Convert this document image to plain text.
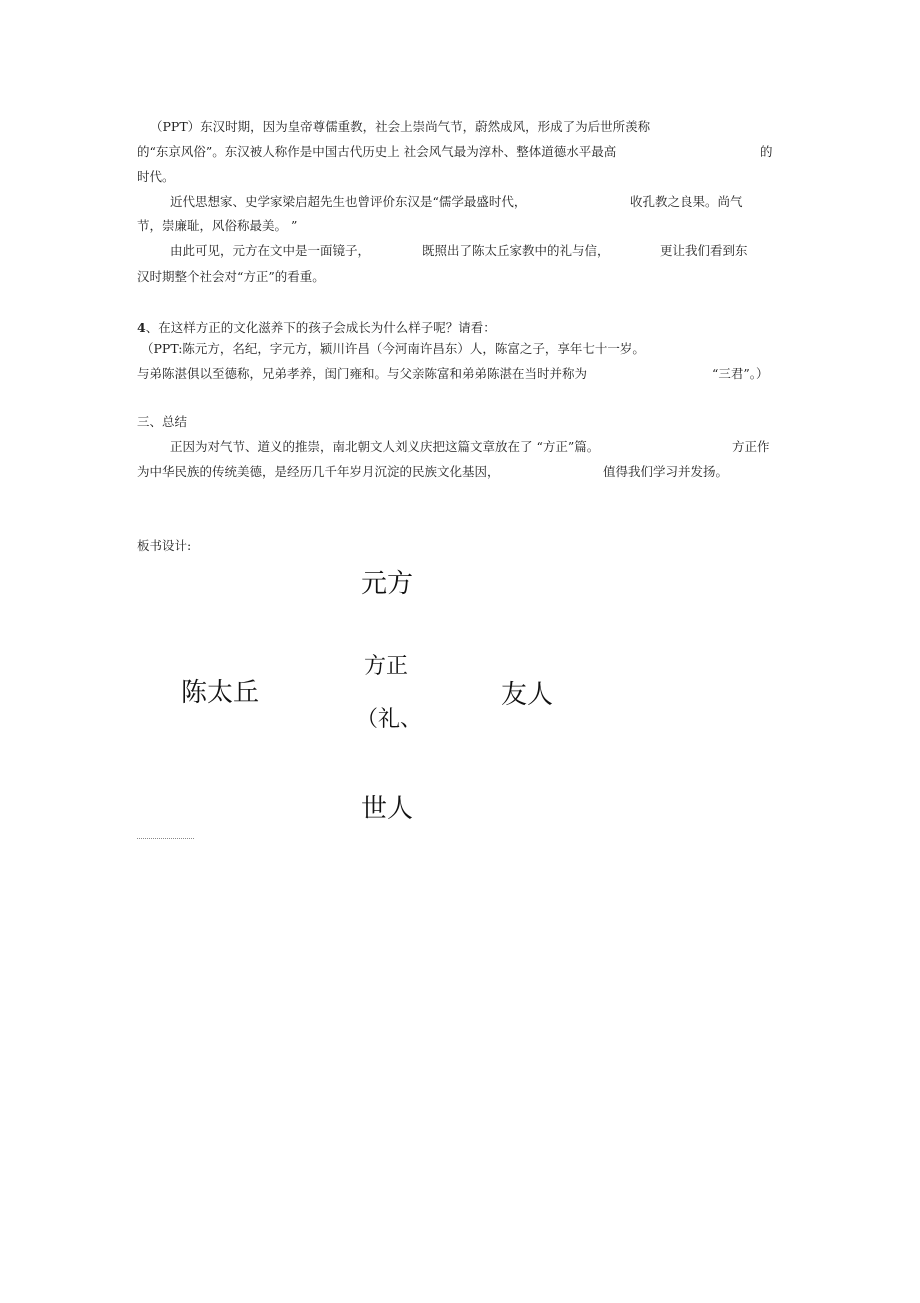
（PPT）东汉时期，因为皇帝尊儒重教，社会上崇尚气节，蔚然成风，形成了为后世所羡称
的“东京风俗”。东汉被人称作是中国古代历史上 社会风气最为淳朴、整体道德水平最高	的
时代。
近代思想家、史学家梁启超先生也曾评价东汉是“儒学最盛时代，	收孔教之良果。尚气
节，崇廉耻，风俗称最美。 ”
由此可见，元方在文中是一面镜子，	既照出了陈太丘家教中的礼与信，	更让我们看到东
汉时期整个社会对“方正”的看重。
4、在这样方正的文化滋养下的孩子会成长为什么样子呢？请看：
（PPT:陈元方，名纪，字元方，颍川许昌（今河南许昌东）人，陈富之子，享年七十一岁。
与弟陈湛俱以至德称，兄弟孝养，闺门雍和。与父亲陈富和弟弟陈湛在当时并称为	“三君”。）
三、总结
正因为对气节、道义的推崇，南北朝文人刘义庆把这篇文章放在了 “方正”篇。	方正作
为中华民族的传统美德，是经历几千年岁月沉淀的民族文化基因，	值得我们学习并发扬。
板书设计:
元方
方正
（礼、
陈太丘	友人
世人
